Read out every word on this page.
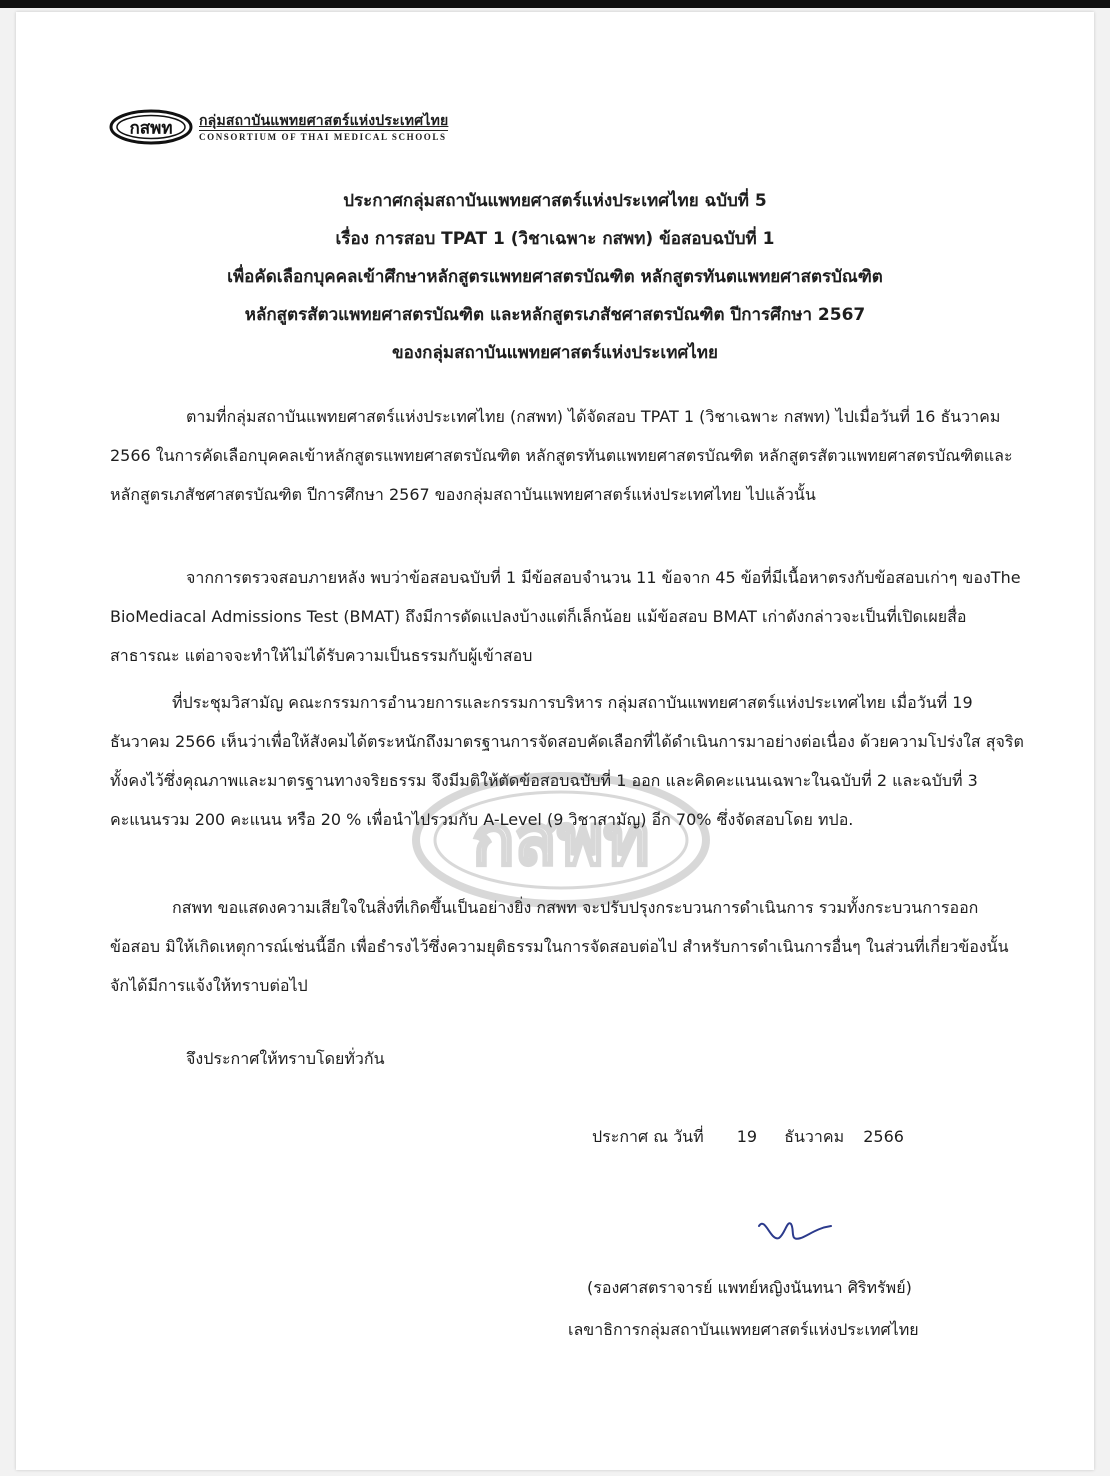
กสพท กลุ่มสถาบันแพทยศาสตร์แห่งประเทศไทย
CONSORTIUM OF THAI MEDICAL SCHOOLS
ประกาศกลุ่มสถาบันแพทยศาสตร์แห่งประเทศไทย ฉบับที่ 5
เรื่อง การสอบ TPAT 1 (วิชาเฉพาะ กสพท) ข้อสอบฉบับที่ 1
เพื่อคัดเลือกบุคคลเข้าศึกษาหลักสูตรแพทยศาสตรบัณฑิต หลักสูตรทันตแพทยศาสตรบัณฑิต
หลักสูตรสัตวแพทยศาสตรบัณฑิต และหลักสูตรเภสัชศาสตรบัณฑิต ปีการศึกษา 2567
ของกลุ่มสถาบันแพทยศาสตร์แห่งประเทศไทย

ตามที่กลุ่มสถาบันแพทยศาสตร์แห่งประเทศไทย (กสพท) ได้จัดสอบ TPAT 1 (วิชาเฉพาะ กสพท) ไปเมื่อวันที่ 16 ธันวาคม 2566 ในการคัดเลือกบุคคลเข้าหลักสูตรแพทยศาสตรบัณฑิต หลักสูตรทันตแพทยศาสตรบัณฑิต หลักสูตรสัตวแพทยศาสตรบัณฑิตและหลักสูตรเภสัชศาสตรบัณฑิต ปีการศึกษา 2567 ของกลุ่มสถาบันแพทยศาสตร์แห่งประเทศไทย ไปแล้วนั้น

จากการตรวจสอบภายหลัง พบว่าข้อสอบฉบับที่ 1 มีข้อสอบจำนวน 11 ข้อจาก 45 ข้อที่มีเนื้อหาตรงกับข้อสอบเก่าๆ ของThe BioMediacal Admissions Test (BMAT) ถึงมีการดัดแปลงบ้างแต่ก็เล็กน้อย แม้ข้อสอบ BMAT เก่าดังกล่าวจะเป็นที่เปิดเผยสื่อสาธารณะ แต่อาจจะทำให้ไม่ได้รับความเป็นธรรมกับผู้เข้าสอบ

กสพท

ที่ประชุมวิสามัญ คณะกรรมการอำนวยการและกรรมการบริหาร กลุ่มสถาบันแพทยศาสตร์แห่งประเทศไทย เมื่อวันที่ 19 ธันวาคม 2566 เห็นว่าเพื่อให้สังคมได้ตระหนักถึงมาตรฐานการจัดสอบคัดเลือกที่ได้ดำเนินการมาอย่างต่อเนื่อง ด้วยความโปร่งใส สุจริต ทั้งคงไว้ซึ่งคุณภาพและมาตรฐานทางจริยธรรม จึงมีมติให้ตัดข้อสอบฉบับที่ 1 ออก และคิดคะแนนเฉพาะในฉบับที่ 2 และฉบับที่ 3 คะแนนรวม 200 คะแนน หรือ 20 % เพื่อนำไปรวมกับ A-Level (9 วิชาสามัญ) อีก 70% ซึ่งจัดสอบโดย ทปอ.

กสพท ขอแสดงความเสียใจในสิ่งที่เกิดขึ้นเป็นอย่างยิ่ง กสพท จะปรับปรุงกระบวนการดำเนินการ รวมทั้งกระบวนการออกข้อสอบ มิให้เกิดเหตุการณ์เช่นนี้อีก เพื่อธำรงไว้ซึ่งความยุติธรรมในการจัดสอบต่อไป สำหรับการดำเนินการอื่นๆ ในส่วนที่เกี่ยวข้องนั้น จักได้มีการแจ้งให้ทราบต่อไป

จึงประกาศให้ทราบโดยทั่วกัน
ประกาศ ณ วันที่ 19 ธันวาคม 2566
(รองศาสตราจารย์ แพทย์หญิงนันทนา ศิริทรัพย์)
เลขาธิการกลุ่มสถาบันแพทยศาสตร์แห่งประเทศไทย
